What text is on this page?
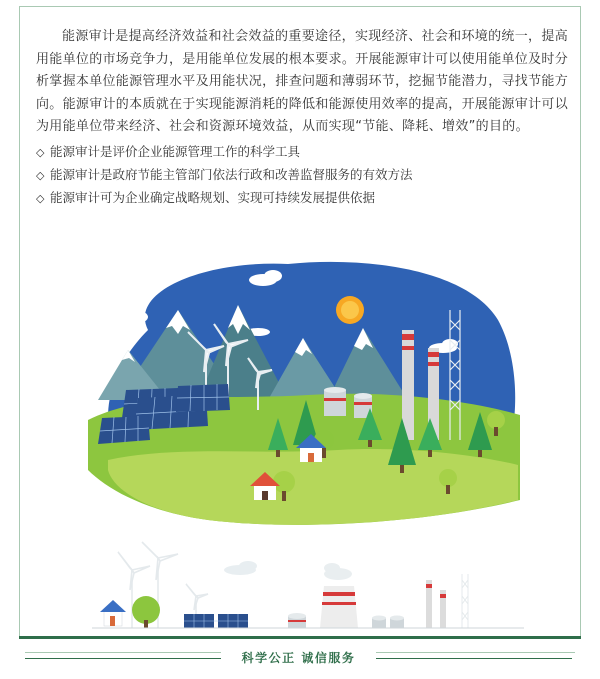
能源审计是提高经济效益和社会效益的重要途径，实现经济、社会和环境的统一，提高用能单位的市场竞争力，是用能单位发展的根本要求。开展能源审计可以使用能单位及时分析掌握本单位能源管理水平及用能状况，排查问题和薄弱环节，挖掘节能潜力，寻找节能方向。能源审计的本质就在于实现能源消耗的降低和能源使用效率的提高，开展能源审计可以为用能单位带来经济、社会和资源环境效益，从而实现“节能、降耗、增效”的目的。

◇ 能源审计是评价企业能源管理工作的科学工具
◇ 能源审计是政府节能主管部门依法行政和改善监督服务的有效方法
◇ 能源审计可为企业确定战略规划、实现可持续发展提供依据
科学公正 诚信服务
